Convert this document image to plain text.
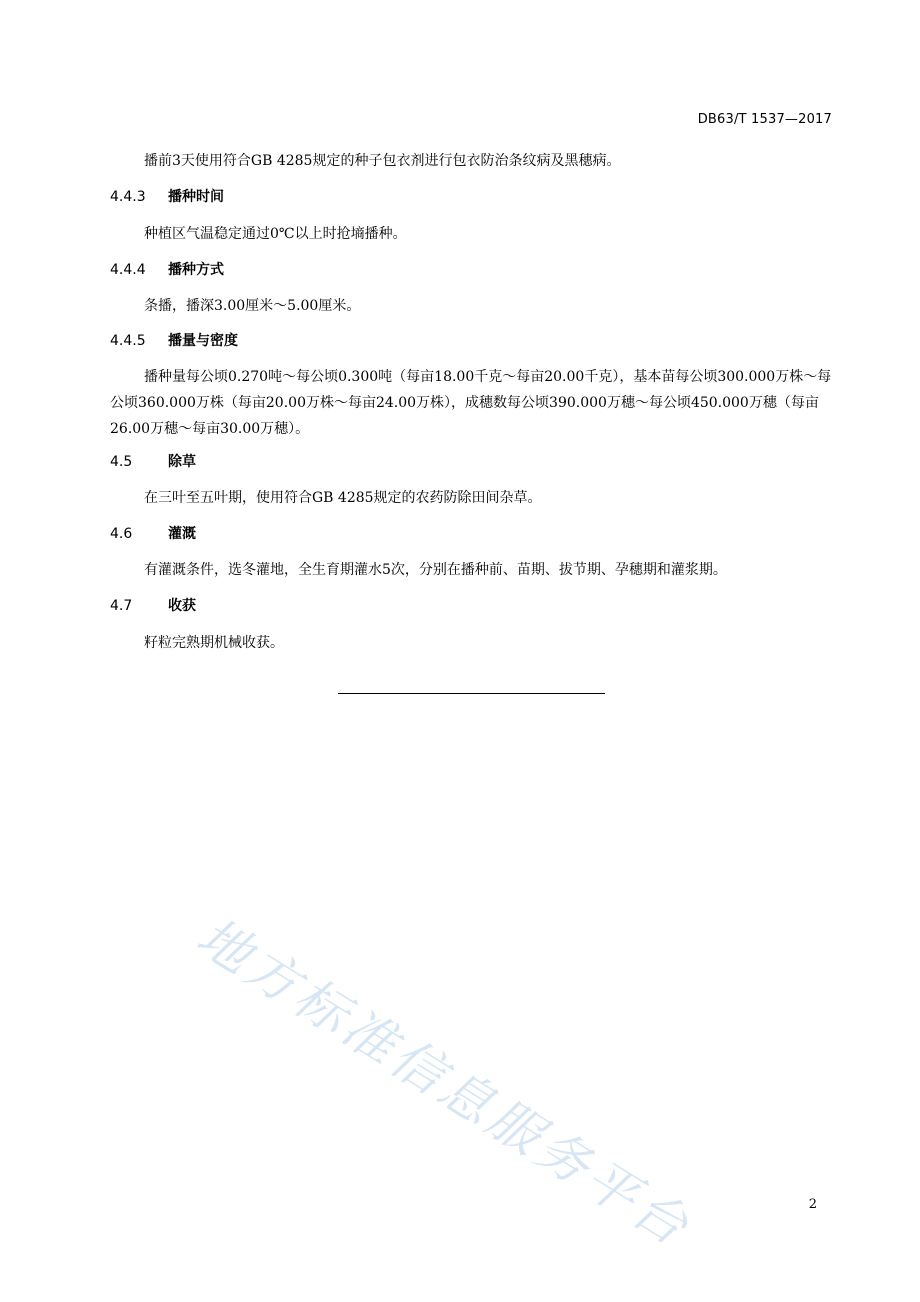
DB63/T 1537—2017

播前3天使用符合GB 4285规定的种子包衣剂进行包衣防治条纹病及黑穗病。

4.4.3 播种时间

种植区气温稳定通过0℃以上时抢墒播种。

4.4.4 播种方式

条播，播深3.00厘米～5.00厘米。

4.4.5 播量与密度

播种量每公顷0.270吨～每公顷0.300吨（每亩18.00千克～每亩20.00千克），基本苗每公顷300.000万株～每公顷360.000万株（每亩20.00万株～每亩24.00万株），成穗数每公顷390.000万穗～每公顷450.000万穗（每亩26.00万穗～每亩30.00万穗）。

4.5	除草

在三叶至五叶期，使用符合GB 4285规定的农药防除田间杂草。

4.6	灌溉

有灌溉条件，选冬灌地，全生育期灌水5次，分别在播种前、苗期、拔节期、孕穗期和灌浆期。

4.7	收获

籽粒完熟期机械收获。

地方标准信息服务平台	2
